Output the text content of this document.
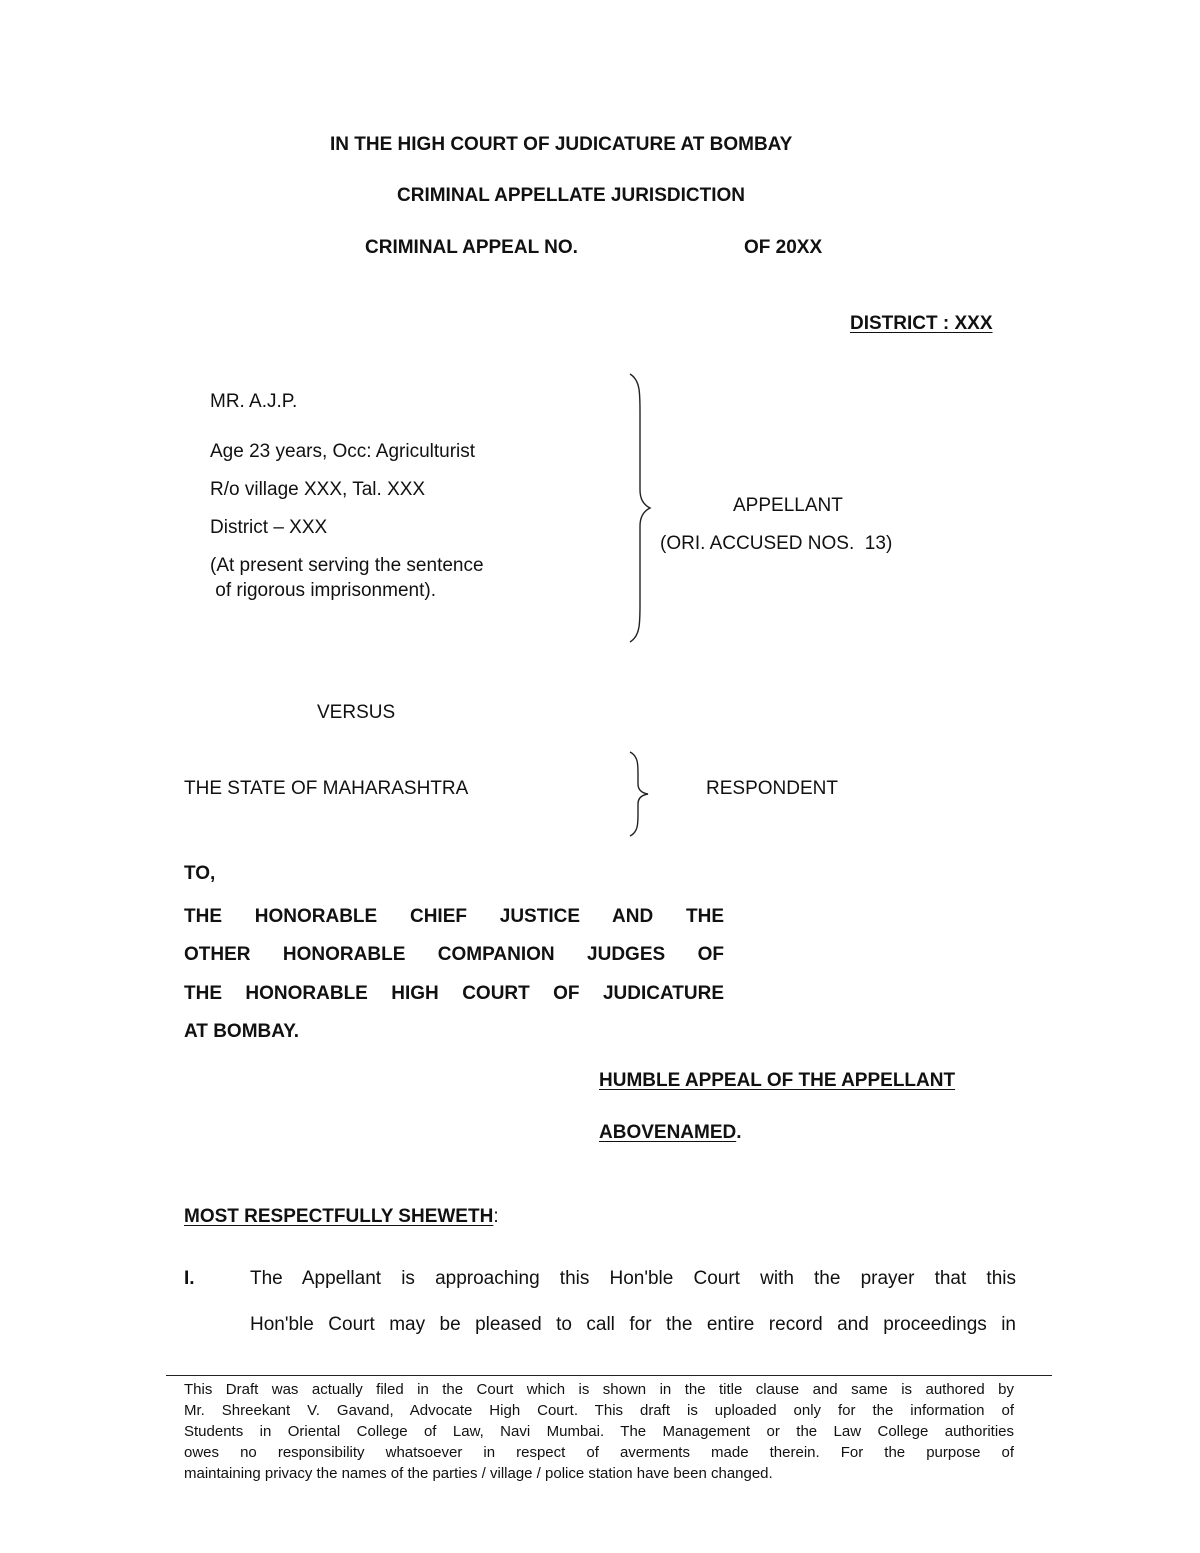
IN THE HIGH COURT OF JUDICATURE AT BOMBAY
CRIMINAL APPELLATE JURISDICTION
CRIMINAL APPEAL NO.	OF 20XX
DISTRICT : XXX
MR. A.J.P.
Age 23 years, Occ: Agriculturist
R/o village XXX, Tal. XXX
District – XXX
(At present serving the sentence
of rigorous imprisonment).
APPELLANT
(ORI. ACCUSED NOS.  13)
VERSUS
THE STATE OF MAHARASHTRA	RESPONDENT
TO,
THE HONORABLE CHIEF JUSTICE AND THE
OTHER HONORABLE COMPANION JUDGES OF
THE HONORABLE HIGH COURT OF JUDICATURE
AT BOMBAY.
HUMBLE APPEAL OF THE APPELLANT
ABOVENAMED.
MOST RESPECTFULLY SHEWETH:
I.	The Appellant is approaching this Hon'ble Court with the prayer that this
Hon'ble Court may be pleased to call for the entire record and proceedings in
This Draft was actually filed in the Court which is shown in the title clause and same is authored by
Mr. Shreekant V. Gavand, Advocate High Court. This draft is uploaded only for the information of
Students in Oriental College of Law, Navi Mumbai. The Management or the Law College authorities
owes no responsibility whatsoever in respect of averments made therein. For the purpose of
maintaining privacy the names of the parties / village / police station have been changed.
